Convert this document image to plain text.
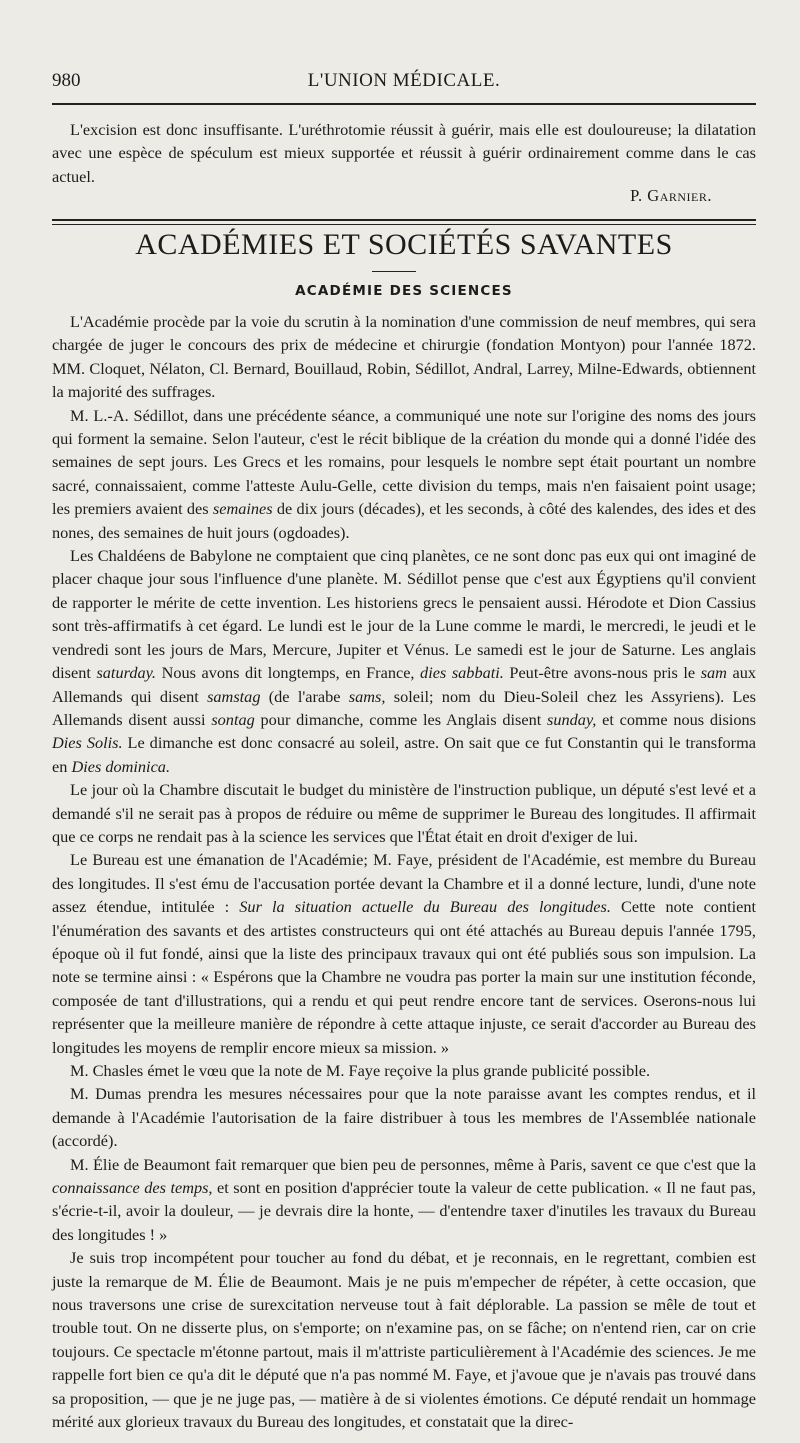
980	L'UNION MÉDICALE.

L'excision est donc insuffisante. L'uréthrotomie réussit à guérir, mais elle est douloureuse; la dilatation avec une espèce de spéculum est mieux supportée et réussit à guérir ordinairement comme dans le cas actuel.

P. Garnier.
ACADÉMIES ET SOCIÉTÉS SAVANTES
ACADÉMIE DES SCIENCES

L'Académie procède par la voie du scrutin à la nomination d'une commission de neuf membres, qui sera chargée de juger le concours des prix de médecine et chirurgie (fondation Montyon) pour l'année 1872. MM. Cloquet, Nélaton, Cl. Bernard, Bouillaud, Robin, Sédillot, Andral, Larrey, Milne-Edwards, obtiennent la majorité des suffrages.

M. L.-A. Sédillot, dans une précédente séance, a communiqué une note sur l'origine des noms des jours qui forment la semaine. Selon l'auteur, c'est le récit biblique de la création du monde qui a donné l'idée des semaines de sept jours. Les Grecs et les romains, pour lesquels le nombre sept était pourtant un nombre sacré, connaissaient, comme l'atteste Aulu-Gelle, cette division du temps, mais n'en faisaient point usage; les premiers avaient des semaines de dix jours (décades), et les seconds, à côté des kalendes, des ides et des nones, des semaines de huit jours (ogdoades).

Les Chaldéens de Babylone ne comptaient que cinq planètes, ce ne sont donc pas eux qui ont imaginé de placer chaque jour sous l'influence d'une planète. M. Sédillot pense que c'est aux Égyptiens qu'il convient de rapporter le mérite de cette invention. Les historiens grecs le pensaient aussi. Hérodote et Dion Cassius sont très-affirmatifs à cet égard. Le lundi est le jour de la Lune comme le mardi, le mercredi, le jeudi et le vendredi sont les jours de Mars, Mercure, Jupiter et Vénus. Le samedi est le jour de Saturne. Les anglais disent saturday. Nous avons dit longtemps, en France, dies sabbati. Peut-être avons-nous pris le sam aux Allemands qui disent samstag (de l'arabe sams, soleil; nom du Dieu-Soleil chez les Assyriens). Les Allemands disent aussi sontag pour dimanche, comme les Anglais disent sunday, et comme nous disions Dies Solis. Le dimanche est donc consacré au soleil, astre. On sait que ce fut Constantin qui le transforma en Dies dominica.

Le jour où la Chambre discutait le budget du ministère de l'instruction publique, un député s'est levé et a demandé s'il ne serait pas à propos de réduire ou même de supprimer le Bureau des longitudes. Il affirmait que ce corps ne rendait pas à la science les services que l'État était en droit d'exiger de lui.

Le Bureau est une émanation de l'Académie; M. Faye, président de l'Académie, est membre du Bureau des longitudes. Il s'est ému de l'accusation portée devant la Chambre et il a donné lecture, lundi, d'une note assez étendue, intitulée : Sur la situation actuelle du Bureau des longitudes. Cette note contient l'énumération des savants et des artistes constructeurs qui ont été attachés au Bureau depuis l'année 1795, époque où il fut fondé, ainsi que la liste des principaux travaux qui ont été publiés sous son impulsion. La note se termine ainsi : « Espérons que la Chambre ne voudra pas porter la main sur une institution féconde, composée de tant d'illustrations, qui a rendu et qui peut rendre encore tant de services. Oserons-nous lui représenter que la meilleure manière de répondre à cette attaque injuste, ce serait d'accorder au Bureau des longitudes les moyens de remplir encore mieux sa mission. »

M. Chasles émet le vœu que la note de M. Faye reçoive la plus grande publicité possible.

M. Dumas prendra les mesures nécessaires pour que la note paraisse avant les comptes rendus, et il demande à l'Académie l'autorisation de la faire distribuer à tous les membres de l'Assemblée nationale (accordé).

M. Élie de Beaumont fait remarquer que bien peu de personnes, même à Paris, savent ce que c'est que la connaissance des temps, et sont en position d'apprécier toute la valeur de cette publication. « Il ne faut pas, s'écrie-t-il, avoir la douleur, — je devrais dire la honte, — d'entendre taxer d'inutiles les travaux du Bureau des longitudes ! »

Je suis trop incompétent pour toucher au fond du débat, et je reconnais, en le regrettant, combien est juste la remarque de M. Élie de Beaumont. Mais je ne puis m'empecher de répéter, à cette occasion, que nous traversons une crise de surexcitation nerveuse tout à fait déplorable. La passion se mêle de tout et trouble tout. On ne disserte plus, on s'emporte; on n'examine pas, on se fâche; on n'entend rien, car on crie toujours. Ce spectacle m'étonne partout, mais il m'attriste particulièrement à l'Académie des sciences. Je me rappelle fort bien ce qu'a dit le député que n'a pas nommé M. Faye, et j'avoue que je n'avais pas trouvé dans sa proposition, — que je ne juge pas, — matière à de si violentes émotions. Ce député rendait un hommage mérité aux glorieux travaux du Bureau des longitudes, et constatait que la direc-
